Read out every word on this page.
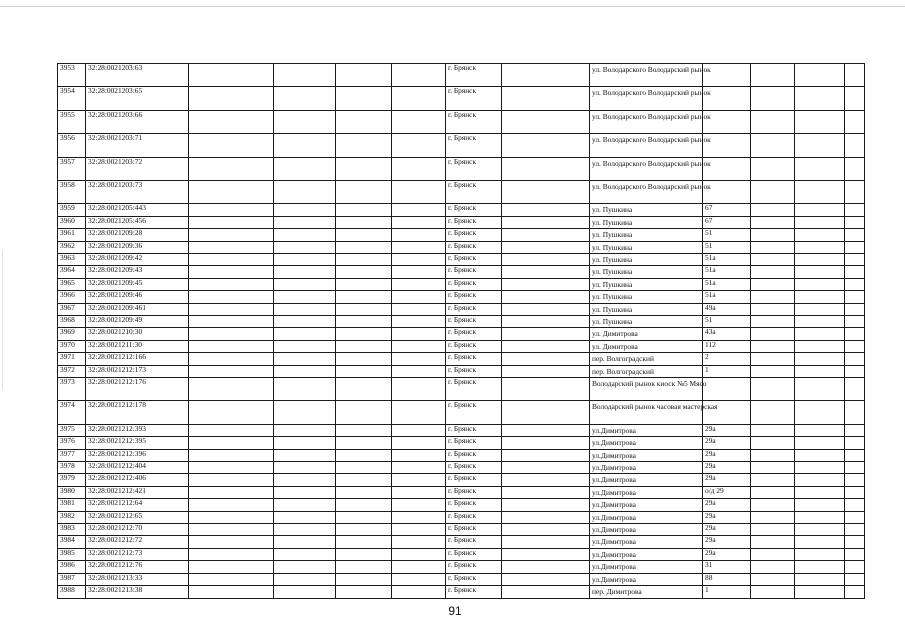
3953	32:28:0021203:63					г. Брянск		ул. Володарского Володарский рынок				
3954	32:28:0021203:65					г. Брянск		ул. Володарского Володарский рынок				
3955	32:28:0021203:66					г. Брянск		ул. Володарского Володарский рынок				
3956	32:28:0021203:71					г. Брянск		ул. Володарского Володарский рынок				
3957	32:28:0021203:72					г. Брянск		ул. Володарского Володарский рынок				
3958	32:28:0021203:73					г. Брянск		ул. Володарского Володарский рынок				
3959	32:28:0021205:443					г. Брянск		ул. Пушкина	67			
3960	32:28:0021205:456					г. Брянск		ул. Пушкина	67			
3961	32:28:0021209:28					г. Брянск		ул. Пушкина	51			
3962	32:28:0021209:36					г. Брянск		ул. Пушкина	51			
3963	32:28:0021209:42					г. Брянск		ул. Пушкина	51а			
3964	32:28:0021209:43					г. Брянск		ул. Пушкина	51а			
3965	32:28:0021209:45					г. Брянск		ул. Пушкина	51а			
3966	32:28:0021209:46					г. Брянск		ул. Пушкина	51а			
3967	32:28:0021209:461					г. Брянск		ул. Пушкина	49а			
3968	32:28:0021209:49					г. Брянск		ул. Пушкина	51			
3969	32:28:0021210:30					г. Брянск		ул. Димитрова	43а			
3970	32:28:0021211:30					г. Брянск		ул. Димитрова	112			
3971	32:28:0021212:166					г. Брянск		пер. Волгоградский	2			
3972	32:28:0021212:173					г. Брянск		пер. Волгоградский	1			
3973	32:28:0021212:176					г. Брянск		Володарский рынок киоск №5 Мясо				
3974	32:28:0021212:178					г. Брянск		Володарский рынок часовая мастерская				
3975	32:28:0021212:393					г. Брянск		ул.Димитрова	29а			
3976	32:28:0021212:395					г. Брянск		ул.Димитрова	29а			
3977	32:28:0021212:396					г. Брянск		ул.Димитрова	29а			
3978	32:28:0021212:404					г. Брянск		ул.Димитрова	29а			
3979	32:28:0021212:406					г. Брянск		ул.Димитрова	29а			
3980	32:28:0021212:421					г. Брянск		ул.Димитрова	о/д 29			
3981	32:28:0021212:64					г. Брянск		ул.Димитрова	29а			
3982	32:28:0021212:65					г. Брянск		ул.Димитрова	29а			
3983	32:28:0021212:70					г. Брянск		ул.Димитрова	29а			
3984	32:28:0021212:72					г. Брянск		ул.Димитрова	29а			
3985	32:28:0021212:73					г. Брянск		ул.Димитрова	29а			
3986	32:28:0021212:76					г. Брянск		ул.Димитрова	31			
3987	32:28:0021213:33					г. Брянск		ул.Димитрова	88			
3988	32:28:0021213:38					г. Брянск		пер. Димитрова	1			
91
